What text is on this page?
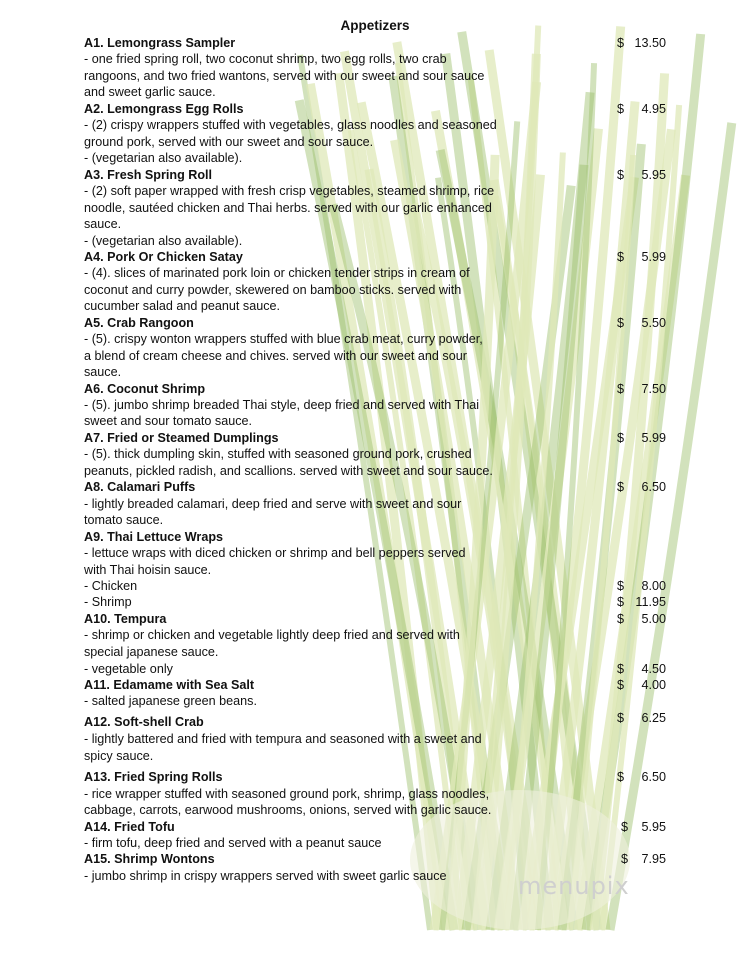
Appetizers
A1. Lemongrass Sampler	$ 13.50
- one fried spring roll, two coconut shrimp, two egg rolls, two crab
rangoons, and two fried wantons, served with our sweet and sour sauce
and sweet garlic sauce.
A2. Lemongrass Egg Rolls	$ 4.95
- (2) crispy wrappers stuffed with vegetables, glass noodles and seasoned
ground pork, served with our sweet and sour sauce.
- (vegetarian also available).
A3. Fresh Spring Roll	$ 5.95
- (2) soft paper wrapped with fresh crisp vegetables, steamed shrimp, rice
noodle, sautéed chicken and Thai herbs. served with our garlic enhanced
sauce.
- (vegetarian also available).
A4. Pork Or Chicken Satay	$ 5.99
- (4). slices of marinated pork loin or chicken tender strips in cream of
coconut and curry powder, skewered on bamboo sticks. served with
cucumber salad and peanut sauce.
A5. Crab Rangoon	$ 5.50
- (5). crispy wonton wrappers stuffed with blue crab meat, curry powder,
a blend of cream cheese and chives. served with our sweet and sour
sauce.
A6. Coconut Shrimp	$ 7.50
- (5). jumbo shrimp breaded Thai style, deep fried and served with Thai
sweet and sour tomato sauce.
A7. Fried or Steamed Dumplings	$ 5.99
- (5). thick dumpling skin, stuffed with seasoned ground pork, crushed
peanuts, pickled radish, and scallions. served with sweet and sour sauce.
A8. Calamari Puffs	$ 6.50
- lightly breaded calamari, deep fried and serve with sweet and sour
tomato sauce.
A9. Thai Lettuce Wraps
- lettuce wraps with diced chicken or shrimp and bell peppers served
with Thai hoisin sauce.
- Chicken	$ 8.00
- Shrimp	$ 11.95
A10. Tempura	$ 5.00
- shrimp or chicken and vegetable lightly deep fried and served with
special japanese sauce.
- vegetable only	$ 4.50
A11. Edamame with Sea Salt	$ 4.00
- salted japanese green beans.
A12. Soft-shell Crab	$ 6.25
- lightly battered and fried with tempura and seasoned with a sweet and
spicy sauce.
A13. Fried Spring Rolls	$ 6.50
- rice wrapper stuffed with seasoned ground pork, shrimp, glass noodles,
cabbage, carrots, earwood mushrooms, onions, served with garlic sauce.
A14. Fried Tofu	$ 5.95
- firm tofu, deep fried and served with a peanut sauce
A15. Shrimp Wontons	$ 7.95
- jumbo shrimp in crispy wrappers served with sweet garlic sauce	menupix
